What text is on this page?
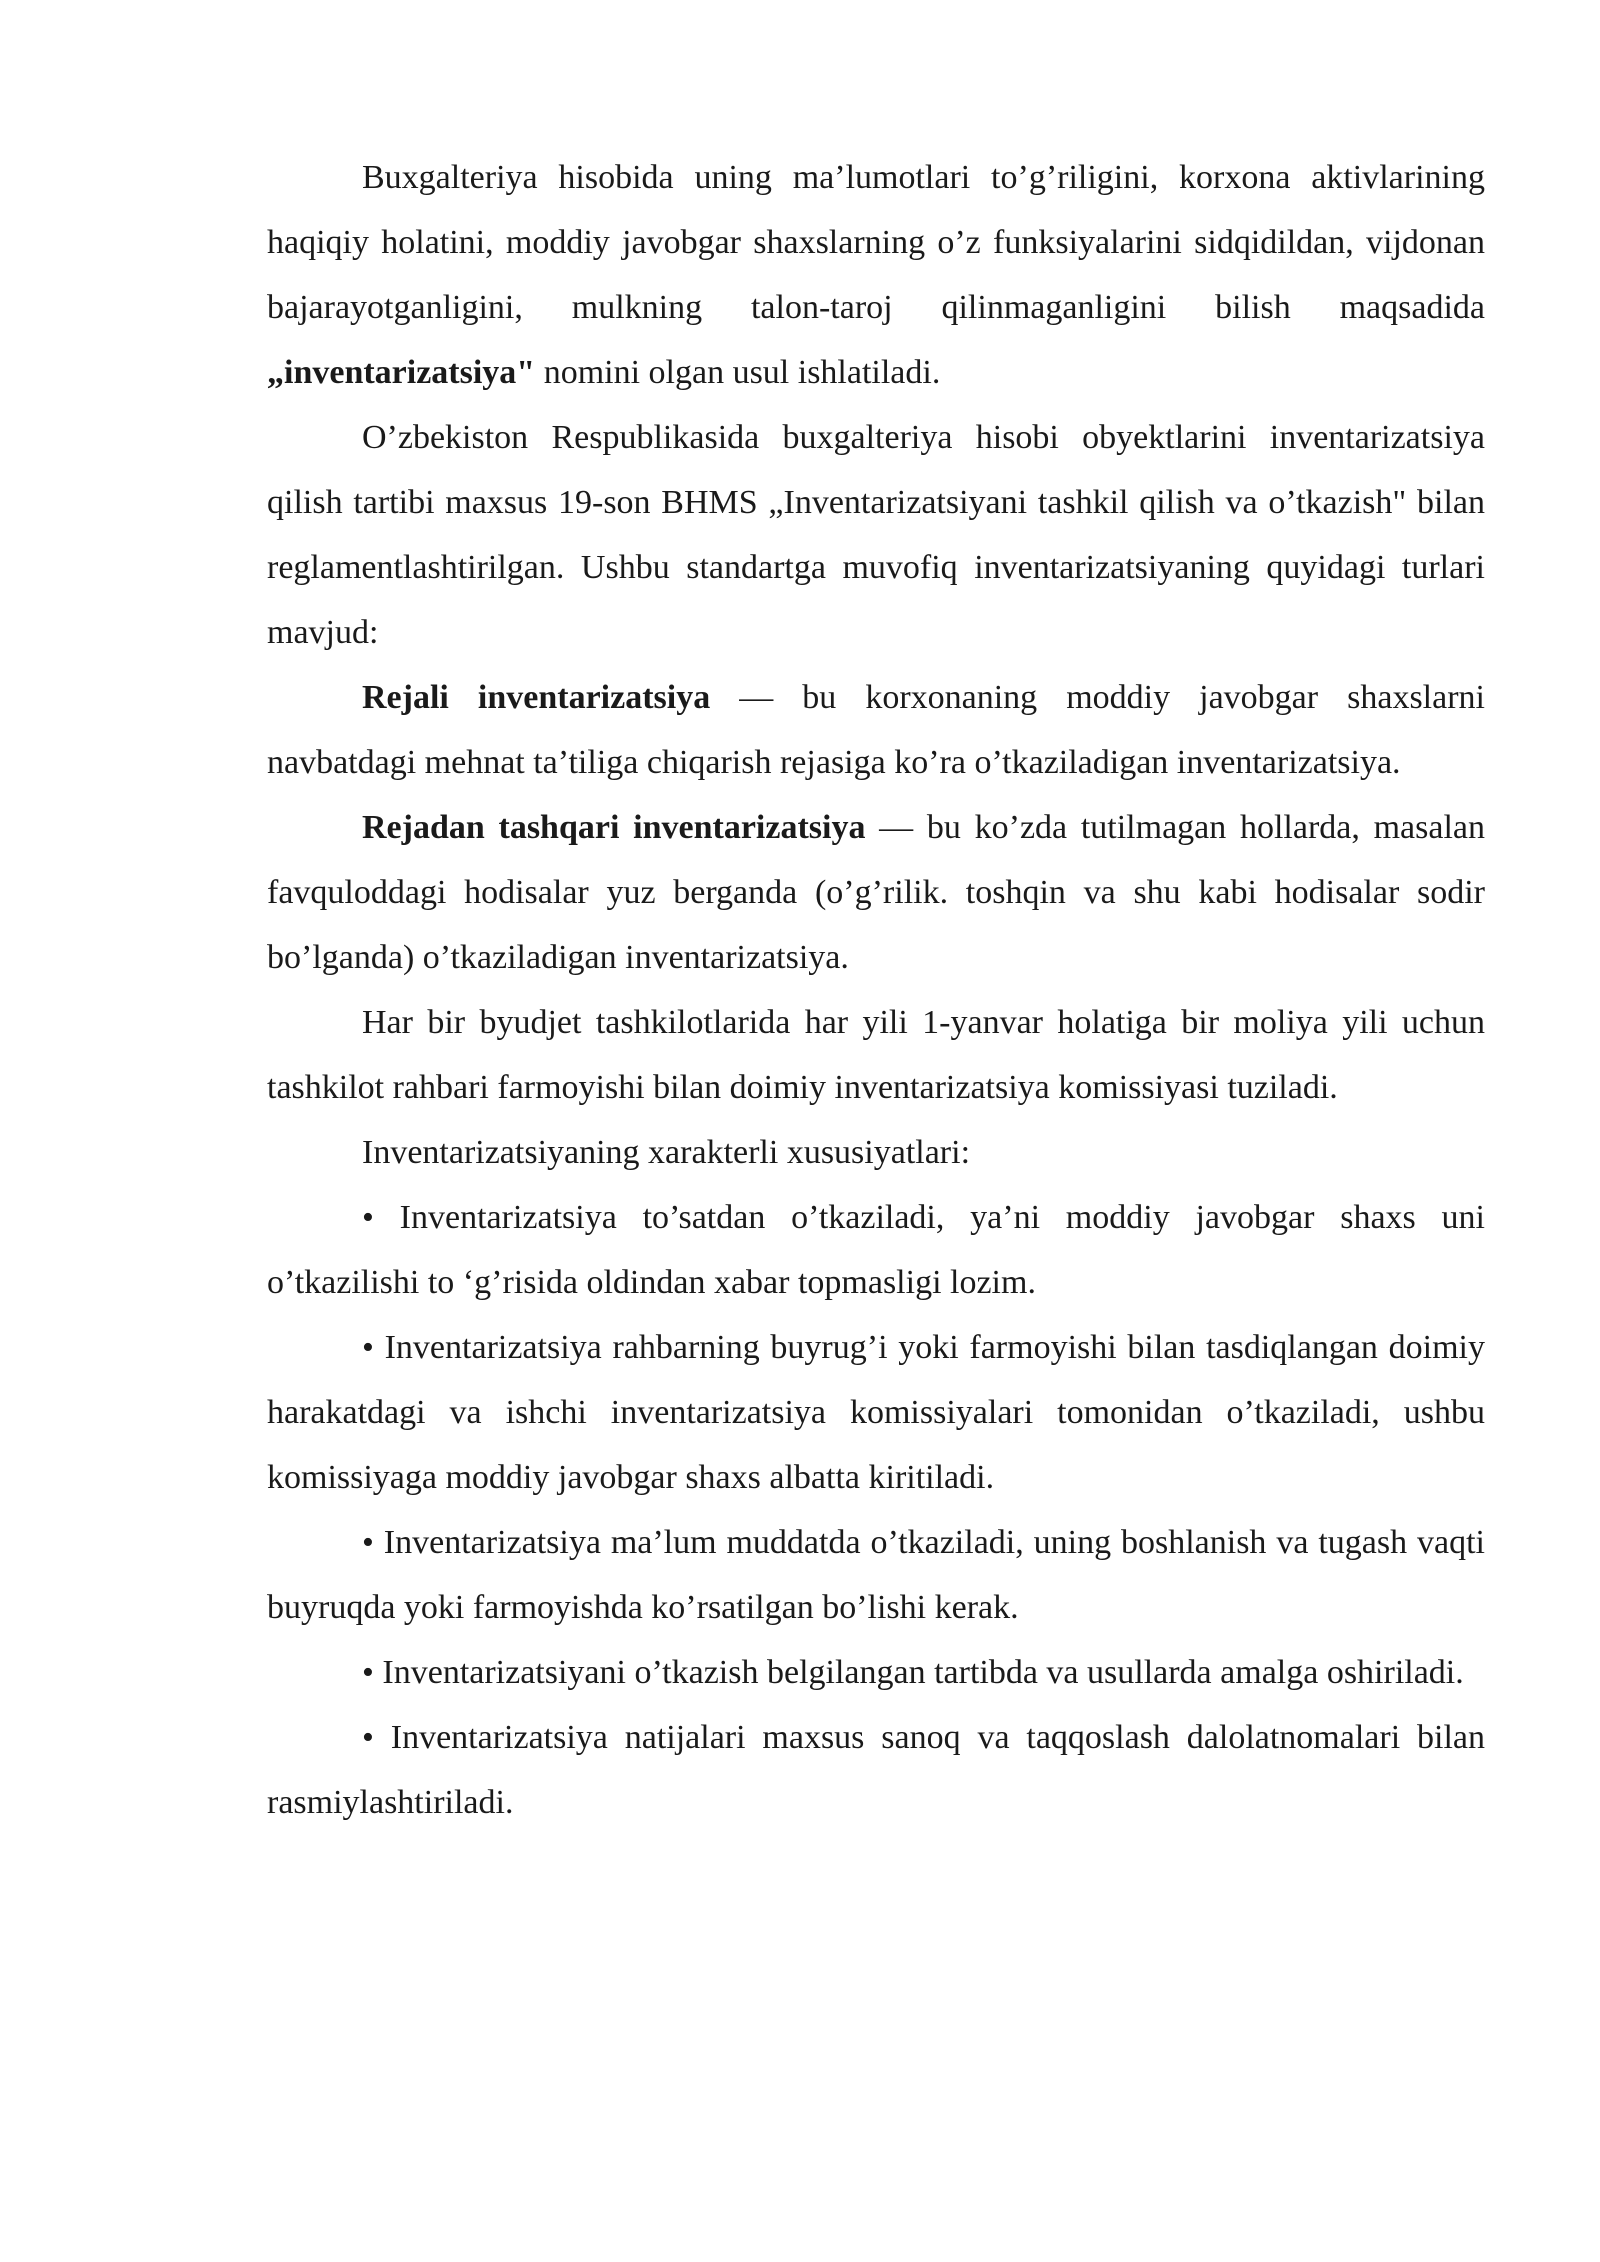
Buxgalteriya hisobida uning ma’lumotlari to’g’riligini, korxona aktivlarining haqiqiy holatini, moddiy javobgar shaxslarning o’z funksiyalarini sidqidildan, vijdonan bajarayotganligini, mulkning talon-taroj qilinmaganligini bilish maqsadida „inventarizatsiya" nomini olgan usul ishlatiladi.

O’zbekiston Respublikasida buxgalteriya hisobi obyektlarini inventarizatsiya qilish tartibi maxsus 19-son BHMS „Inventarizatsiyani tashkil qilish va o’tkazish" bilan reglamentlashtirilgan. Ushbu standartga muvofiq inventarizatsiyaning quyidagi turlari mavjud:

Rejali inventarizatsiya — bu korxonaning moddiy javobgar shaxslarni navbatdagi mehnat ta’tiliga chiqarish rejasiga ko’ra o’tkaziladigan inventarizatsiya.

Rejadan tashqari inventarizatsiya — bu ko’zda tutilmagan hollarda, masalan favquloddagi hodisalar yuz berganda (o’g’rilik. toshqin va shu kabi hodisalar sodir bo’lganda) o’tkaziladigan inventarizatsiya.

Har bir byudjet tashkilotlarida har yili 1-yanvar holatiga bir moliya yili uchun tashkilot rahbari farmoyishi bilan doimiy inventarizatsiya komissiyasi tuziladi.

Inventarizatsiyaning xarakterli xususiyatlari:

• Inventarizatsiya to’satdan o’tkaziladi, ya’ni moddiy javobgar shaxs uni o’tkazilishi to ‘g’risida oldindan xabar topmasligi lozim.

• Inventarizatsiya rahbarning buyrug’i yoki farmoyishi bilan tasdiqlangan doimiy harakatdagi va ishchi inventarizatsiya komissiyalari tomonidan o’tkaziladi, ushbu komissiyaga moddiy javobgar shaxs albatta kiritiladi.

• Inventarizatsiya ma’lum muddatda o’tkaziladi, uning boshlanish va tugash vaqti buyruqda yoki farmoyishda ko’rsatilgan bo’lishi kerak.

• Inventarizatsiyani o’tkazish belgilangan tartibda va usullarda amalga oshiriladi.

• Inventarizatsiya natijalari maxsus sanoq va taqqoslash dalolatnomalari bilan rasmiylashtiriladi.
